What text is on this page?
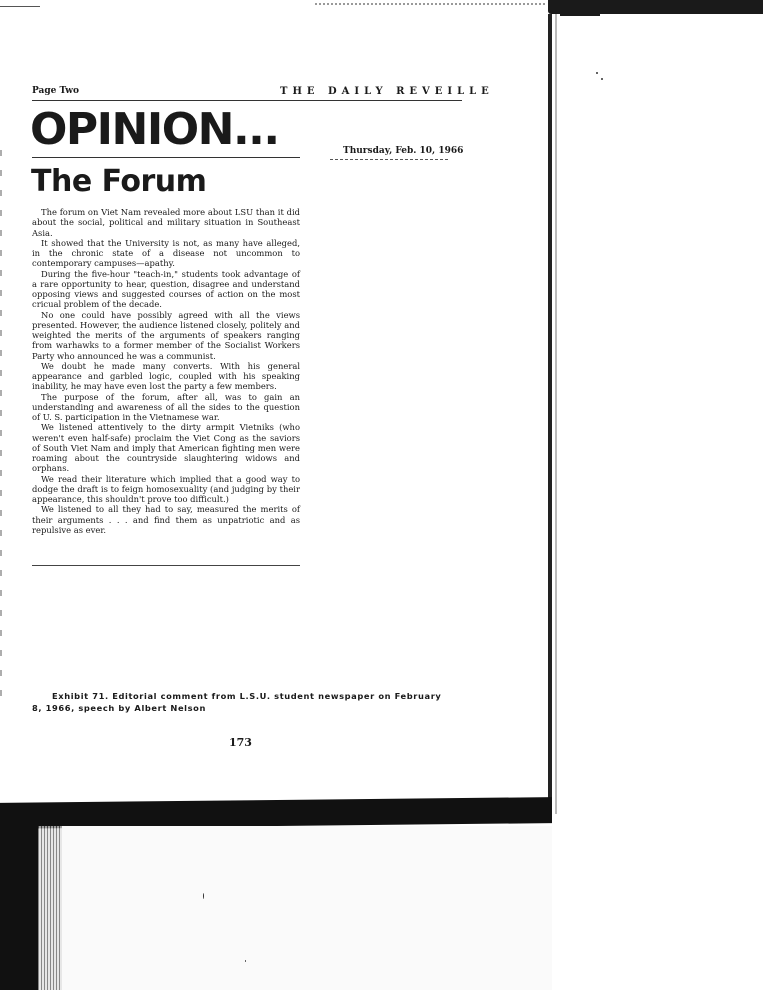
Page Two	THE DAILY REVEILLE
OPINION...	Thursday, Feb. 10, 1966
The Forum

The forum on Viet Nam revealed more about LSU than it did about the social, political and military situation in Southeast Asia.

It showed that the University is not, as many have alleged, in the chronic state of a disease not uncommon to contemporary campuses—apathy.

During the five-hour "teach-in," students took advantage of a rare opportunity to hear, question, disagree and understand opposing views and suggested courses of action on the most cricual problem of the decade.

No one could have possibly agreed with all the views presented. However, the audience listened closely, politely and weighted the merits of the arguments of speakers ranging from warhawks to a former member of the Socialist Workers Party who announced he was a communist.

We doubt he made many converts. With his general appearance and garbled logic, coupled with his speaking inability, he may have even lost the party a few members.

The purpose of the forum, after all, was to gain an understanding and awareness of all the sides to the question of U. S. participation in the Vietnamese war.

We listened attentively to the dirty armpit Vietniks (who weren't even half-safe) proclaim the Viet Cong as the saviors of South Viet Nam and imply that American fighting men were roaming about the countryside slaughtering widows and orphans.

We read their literature which implied that a good way to dodge the draft is to feign homosexuality (and judging by their appearance, this shouldn't prove too difficult.)

We listened to all they had to say, measured the merits of their arguments . . . and find them as unpatriotic and as repulsive as ever.

Exhibit 71. Editorial comment from L.S.U. student newspaper on February
8, 1966, speech by Albert Nelson
173
